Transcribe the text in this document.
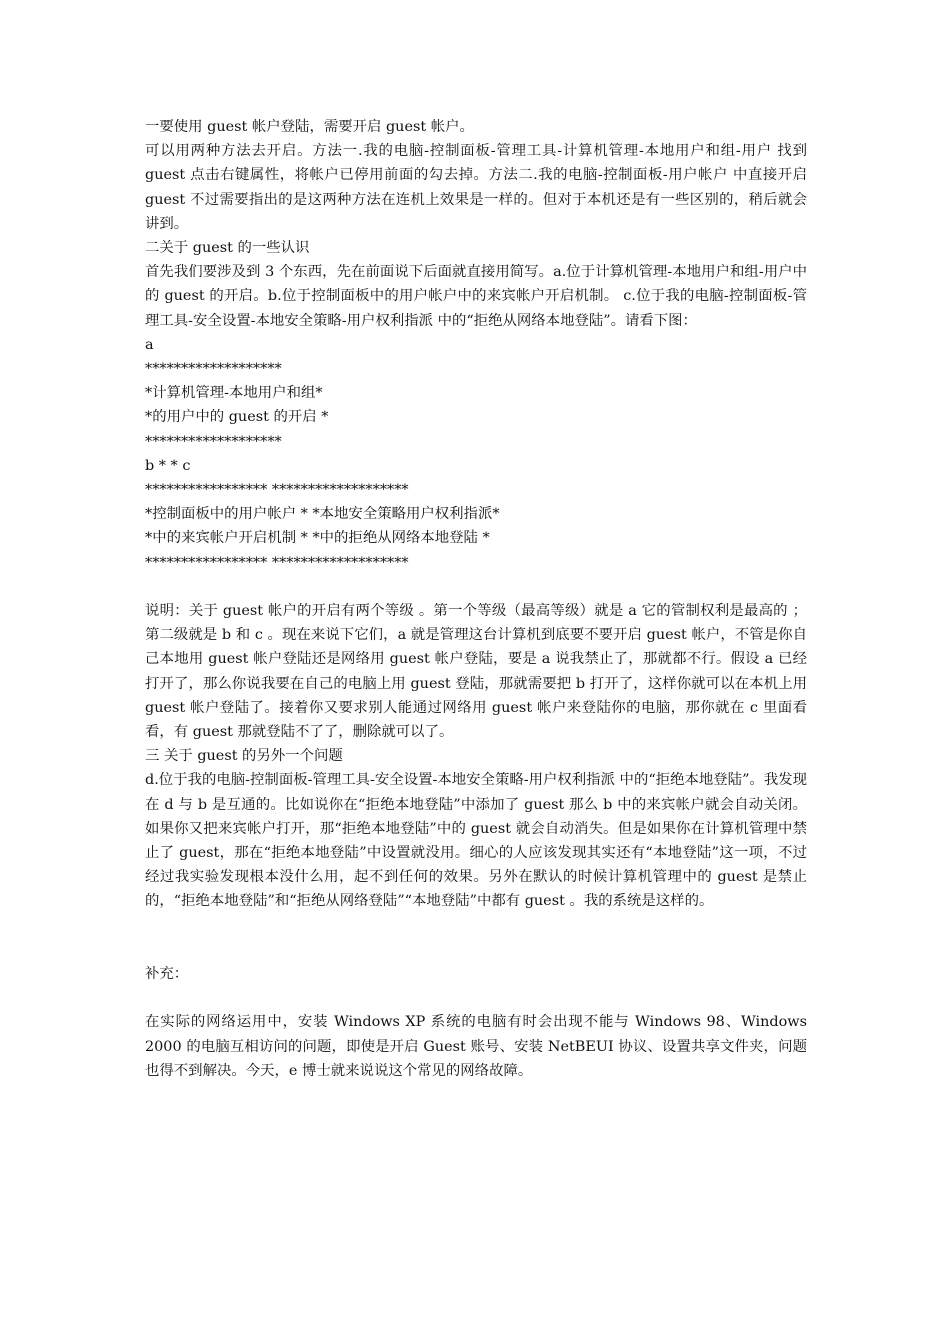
一要使用 guest 帐户登陆，需要开启 guest 帐户。

可以用两种方法去开启。方法一.我的电脑-控制面板-管理工具-计算机管理-本地用户和组-用户 找到 guest 点击右键属性，将帐户已停用前面的勾去掉。方法二.我的电脑-控制面板-用户帐户 中直接开启 guest 不过需要指出的是这两种方法在连机上效果是一样的。但对于本机还是有一些区别的，稍后就会讲到。

二关于 guest 的一些认识

首先我们要涉及到 3 个东西，先在前面说下后面就直接用简写。a.位于计算机管理-本地用户和组-用户中的 guest 的开启。b.位于控制面板中的用户帐户中的来宾帐户开启机制。 c.位于我的电脑-控制面板-管理工具-安全设置-本地安全策略-用户权利指派 中的“拒绝从网络本地登陆”。请看下图：

a

*******************

*计算机管理-本地用户和组*

*的用户中的 guest 的开启 *

*******************

b * * c

***************** *******************

*控制面板中的用户帐户 * *本地安全策略用户权利指派*

*中的来宾帐户开启机制 * *中的拒绝从网络本地登陆 *

***************** *******************

说明：关于 guest 帐户的开启有两个等级 。第一个等级（最高等级）就是 a 它的管制权利是最高的 ；第二级就是 b 和 c 。现在来说下它们，a 就是管理这台计算机到底要不要开启 guest 帐户，不管是你自己本地用 guest 帐户登陆还是网络用 guest 帐户登陆，要是 a 说我禁止了，那就都不行。假设 a 已经打开了，那么你说我要在自己的电脑上用 guest 登陆，那就需要把 b 打开了，这样你就可以在本机上用 guest 帐户登陆了。接着你又要求别人能通过网络用 guest 帐户来登陆你的电脑，那你就在 c 里面看看，有 guest 那就登陆不了了，删除就可以了。

三 关于 guest 的另外一个问题

d.位于我的电脑-控制面板-管理工具-安全设置-本地安全策略-用户权利指派 中的“拒绝本地登陆”。我发现在 d 与 b 是互通的。比如说你在“拒绝本地登陆”中添加了 guest 那么 b 中的来宾帐户就会自动关闭。如果你又把来宾帐户打开，那“拒绝本地登陆”中的 guest 就会自动消失。但是如果你在计算机管理中禁止了 guest，那在“拒绝本地登陆”中设置就没用。细心的人应该发现其实还有“本地登陆”这一项，不过经过我实验发现根本没什么用，起不到任何的效果。另外在默认的时候计算机管理中的 guest 是禁止的，“拒绝本地登陆”和“拒绝从网络登陆”“本地登陆”中都有 guest 。我的系统是这样的。

补充：

在实际的网络运用中，安装 Windows XP 系统的电脑有时会出现不能与 Windows 98、Windows 2000 的电脑互相访问的问题，即使是开启 Guest 账号、安装 NetBEUI 协议、设置共享文件夹，问题也得不到解决。今天，e 博士就来说说这个常见的网络故障。
